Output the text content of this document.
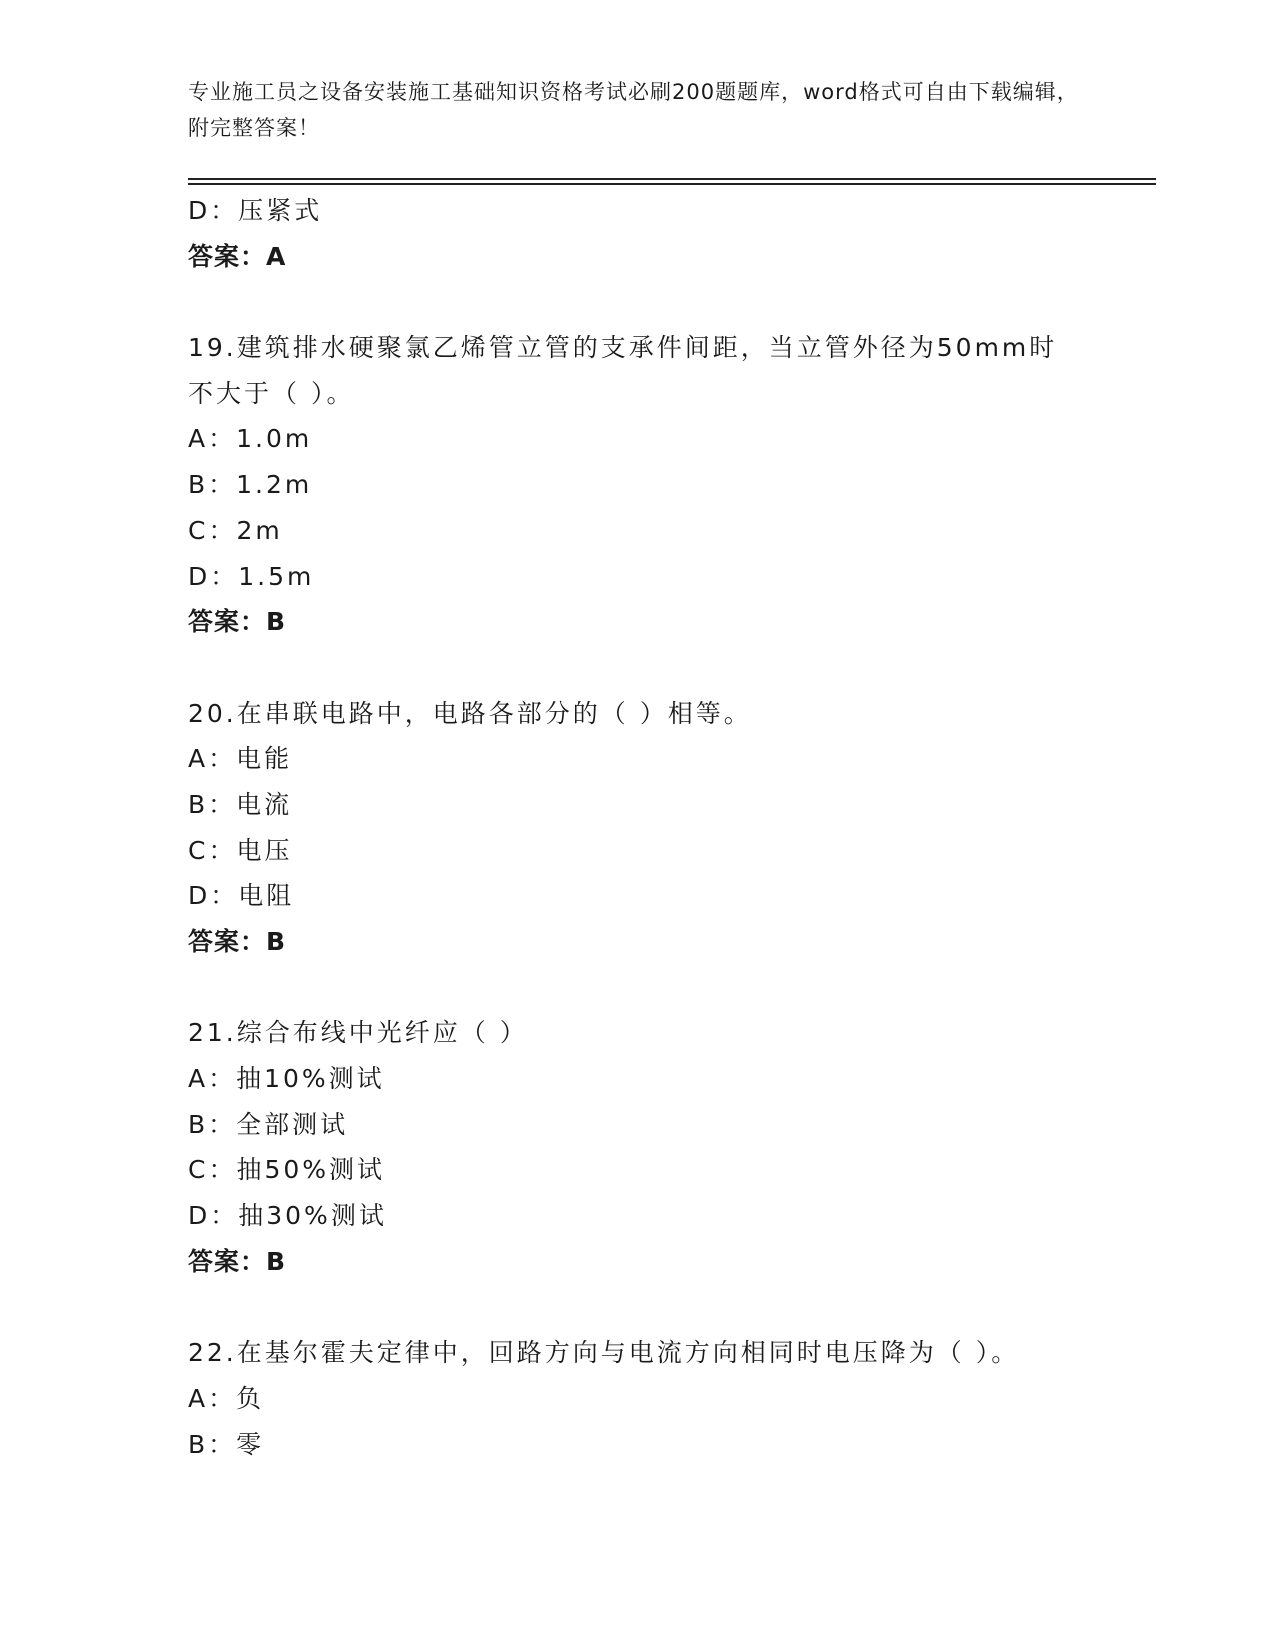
专业施工员之设备安装施工基础知识资格考试必刷200题题库，word格式可自由下载编辑，附完整答案！
D：压紧式
答案：A
19.建筑排水硬聚氯乙烯管立管的支承件间距，当立管外径为50mm时不大于（ ）。
A：1.0m
B：1.2m
C：2m
D：1.5m
答案：B
20.在串联电路中，电路各部分的（ ）相等。
A：电能
B：电流
C：电压
D：电阻
答案：B
21.综合布线中光纤应（ ）
A：抽10%测试
B：全部测试
C：抽50%测试
D：抽30%测试
答案：B
22.在基尔霍夫定律中，回路方向与电流方向相同时电压降为（ ）。
A：负
B：零
